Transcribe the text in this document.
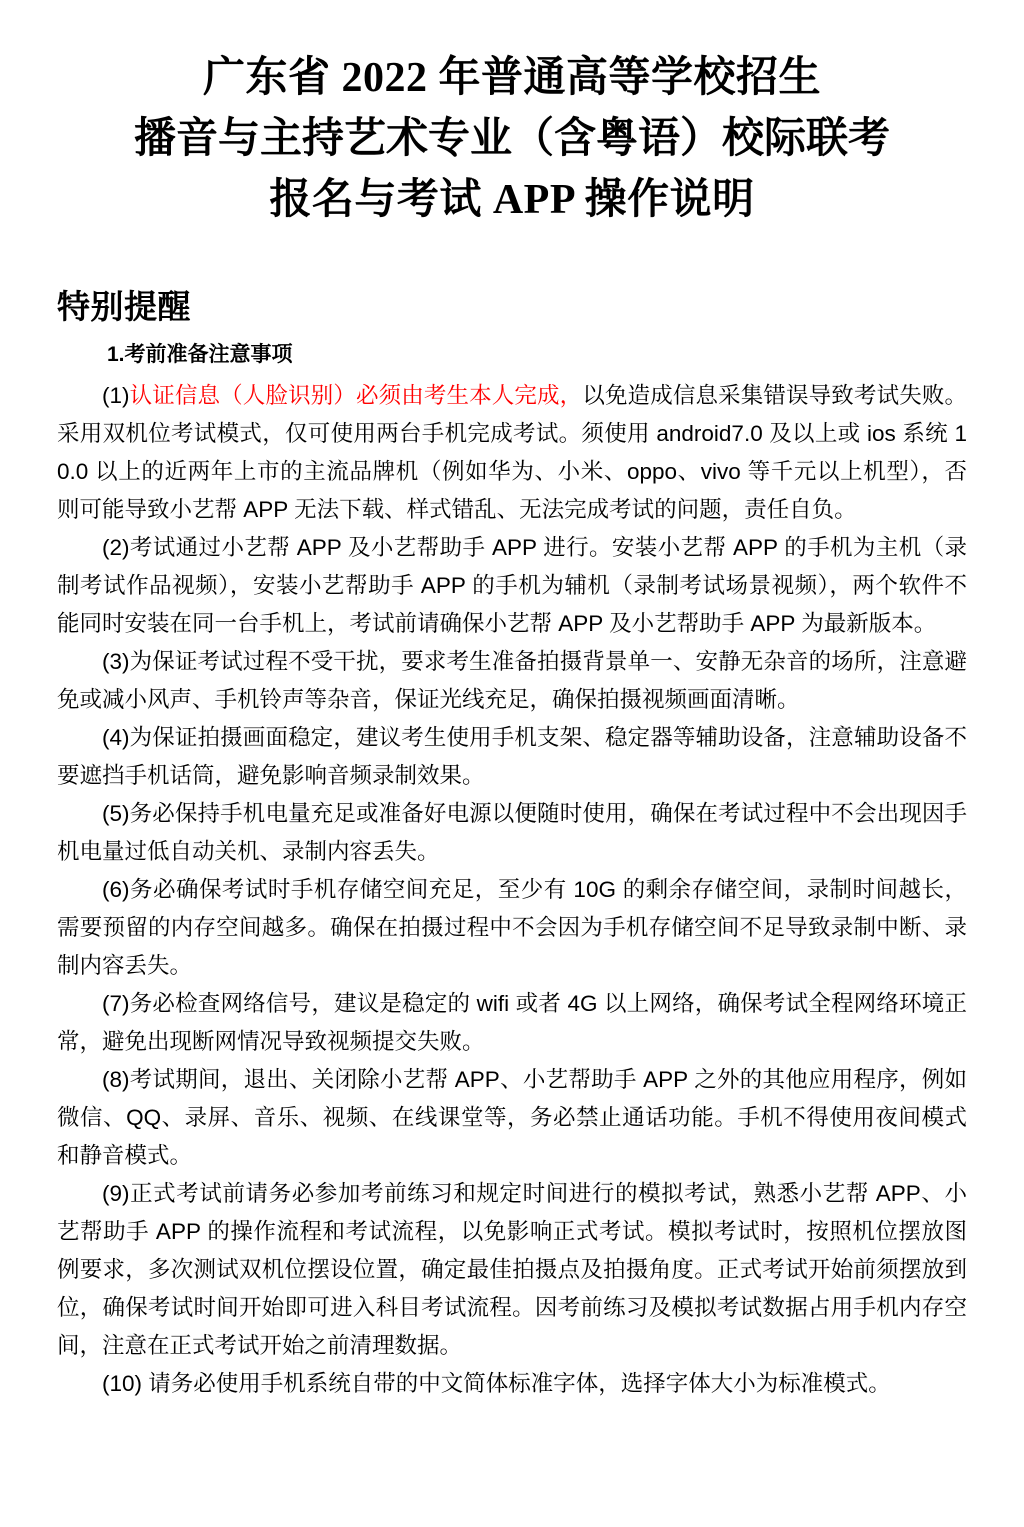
广东省 2022 年普通高等学校招生
播音与主持艺术专业（含粤语）校际联考
报名与考试 APP 操作说明
特别提醒
1.考前准备注意事项

(1)认证信息（人脸识别）必须由考生本人完成，以免造成信息采集错误导致考试失败。采用双机位考试模式，仅可使用两台手机完成考试。须使用 android7.0 及以上或 ios 系统 10.0 以上的近两年上市的主流品牌机（例如华为、小米、oppo、vivo 等千元以上机型），否则可能导致小艺帮 APP 无法下载、样式错乱、无法完成考试的问题，责任自负。

(2)考试通过小艺帮 APP 及小艺帮助手 APP 进行。安装小艺帮 APP 的手机为主机（录制考试作品视频），安装小艺帮助手 APP 的手机为辅机（录制考试场景视频），两个软件不能同时安装在同一台手机上，考试前请确保小艺帮 APP 及小艺帮助手 APP 为最新版本。

(3)为保证考试过程不受干扰，要求考生准备拍摄背景单一、安静无杂音的场所，注意避免或减小风声、手机铃声等杂音，保证光线充足，确保拍摄视频画面清晰。

(4)为保证拍摄画面稳定，建议考生使用手机支架、稳定器等辅助设备，注意辅助设备不要遮挡手机话筒，避免影响音频录制效果。

(5)务必保持手机电量充足或准备好电源以便随时使用，确保在考试过程中不会出现因手机电量过低自动关机、录制内容丢失。

(6)务必确保考试时手机存储空间充足，至少有 10G 的剩余存储空间，录制时间越长，需要预留的内存空间越多。确保在拍摄过程中不会因为手机存储空间不足导致录制中断、录制内容丢失。

(7)务必检查网络信号，建议是稳定的 wifi 或者 4G 以上网络，确保考试全程网络环境正常，避免出现断网情况导致视频提交失败。

(8)考试期间，退出、关闭除小艺帮 APP、小艺帮助手 APP 之外的其他应用程序，例如微信、QQ、录屏、音乐、视频、在线课堂等，务必禁止通话功能。手机不得使用夜间模式和静音模式。

(9)正式考试前请务必参加考前练习和规定时间进行的模拟考试，熟悉小艺帮 APP、小艺帮助手 APP 的操作流程和考试流程，以免影响正式考试。模拟考试时，按照机位摆放图例要求，多次测试双机位摆设位置，确定最佳拍摄点及拍摄角度。正式考试开始前须摆放到位，确保考试时间开始即可进入科目考试流程。因考前练习及模拟考试数据占用手机内存空间，注意在正式考试开始之前清理数据。

(10) 请务必使用手机系统自带的中文简体标准字体，选择字体大小为标准模式。
